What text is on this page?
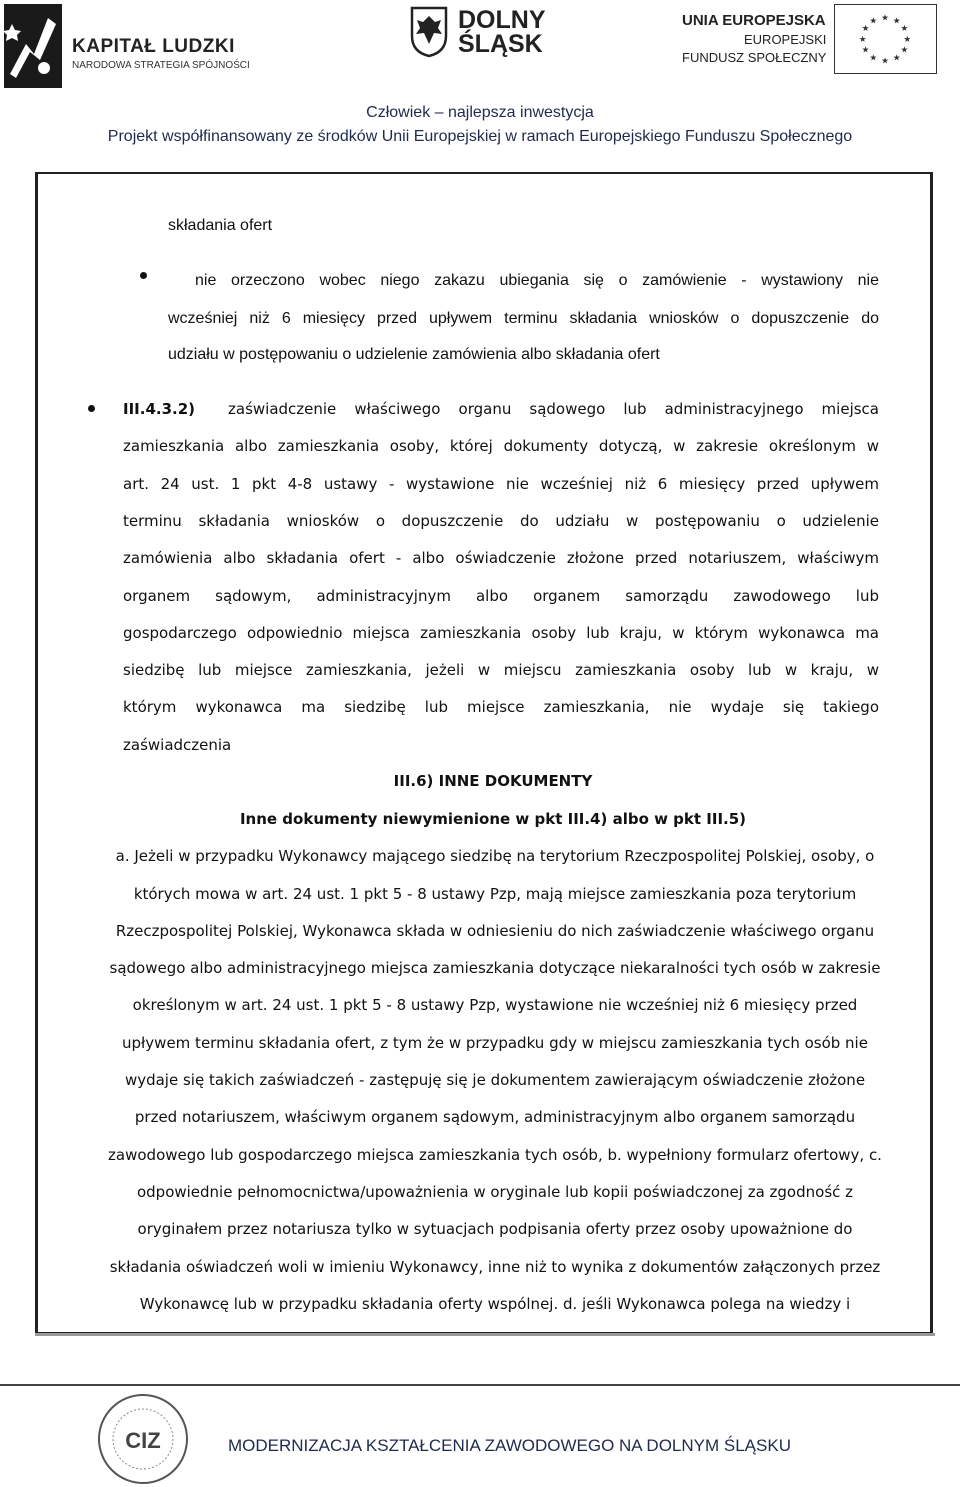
KAPITAŁ LUDZKI
NARODOWA STRATEGIA SPÓJNOŚCI
DOLNY
ŚLĄSK
UNIA EUROPEJSKA
EUROPEJSKI
FUNDUSZ SPOŁECZNY
★ ★
★
★
★
★
★
★
★
★
★
★
Człowiek – najlepsza inwestycja
Projekt współfinansowany ze środków Unii Europejskiej w ramach Europejskiego Funduszu Społecznego
składania ofert
nie orzeczono wobec niego zakazu ubiegania się o zamówienie - wystawiony nie
wcześniej niż 6 miesięcy przed upływem terminu składania wniosków o dopuszczenie do
udziału w postępowaniu o udzielenie zamówienia albo składania ofert
III.4.3.2) zaświadczenie właściwego organu sądowego lub administracyjnego miejsca
zamieszkania albo zamieszkania osoby, której dokumenty dotyczą, w zakresie określonym w
art. 24 ust. 1 pkt 4-8 ustawy - wystawione nie wcześniej niż 6 miesięcy przed upływem
terminu składania wniosków o dopuszczenie do udziału w postępowaniu o udzielenie
zamówienia albo składania ofert - albo oświadczenie złożone przed notariuszem, właściwym
organem sądowym, administracyjnym albo organem samorządu zawodowego lub
gospodarczego odpowiednio miejsca zamieszkania osoby lub kraju, w którym wykonawca ma
siedzibę lub miejsce zamieszkania, jeżeli w miejscu zamieszkania osoby lub w kraju, w
którym wykonawca ma siedzibę lub miejsce zamieszkania, nie wydaje się takiego
zaświadczenia
III.6) INNE DOKUMENTY
Inne dokumenty niewymienione w pkt III.4) albo w pkt III.5)
a. Jeżeli w przypadku Wykonawcy mającego siedzibę na terytorium Rzeczpospolitej Polskiej, osoby, o
których mowa w art. 24 ust. 1 pkt 5 - 8 ustawy Pzp, mają miejsce zamieszkania poza terytorium
Rzeczpospolitej Polskiej, Wykonawca składa w odniesieniu do nich zaświadczenie właściwego organu
sądowego albo administracyjnego miejsca zamieszkania dotyczące niekaralności tych osób w zakresie
określonym w art. 24 ust. 1 pkt 5 - 8 ustawy Pzp, wystawione nie wcześniej niż 6 miesięcy przed
upływem terminu składania ofert, z tym że w przypadku gdy w miejscu zamieszkania tych osób nie
wydaje się takich zaświadczeń - zastępuję się je dokumentem zawierającym oświadczenie złożone
przed notariuszem, właściwym organem sądowym, administracyjnym albo organem samorządu
zawodowego lub gospodarczego miejsca zamieszkania tych osób, b. wypełniony formularz ofertowy, c.
odpowiednie pełnomocnictwa/upoważnienia w oryginale lub kopii poświadczonej za zgodność z
oryginałem przez notariusza tylko w sytuacjach podpisania oferty przez osoby upoważnione do
składania oświadczeń woli w imieniu Wykonawcy, inne niż to wynika z dokumentów załączonych przez
Wykonawcę lub w przypadku składania oferty wspólnej. d. jeśli Wykonawca polega na wiedzy i
CIZ	MODERNIZACJA KSZTAŁCENIA ZAWODOWEGO NA DOLNYM ŚLĄSKU
